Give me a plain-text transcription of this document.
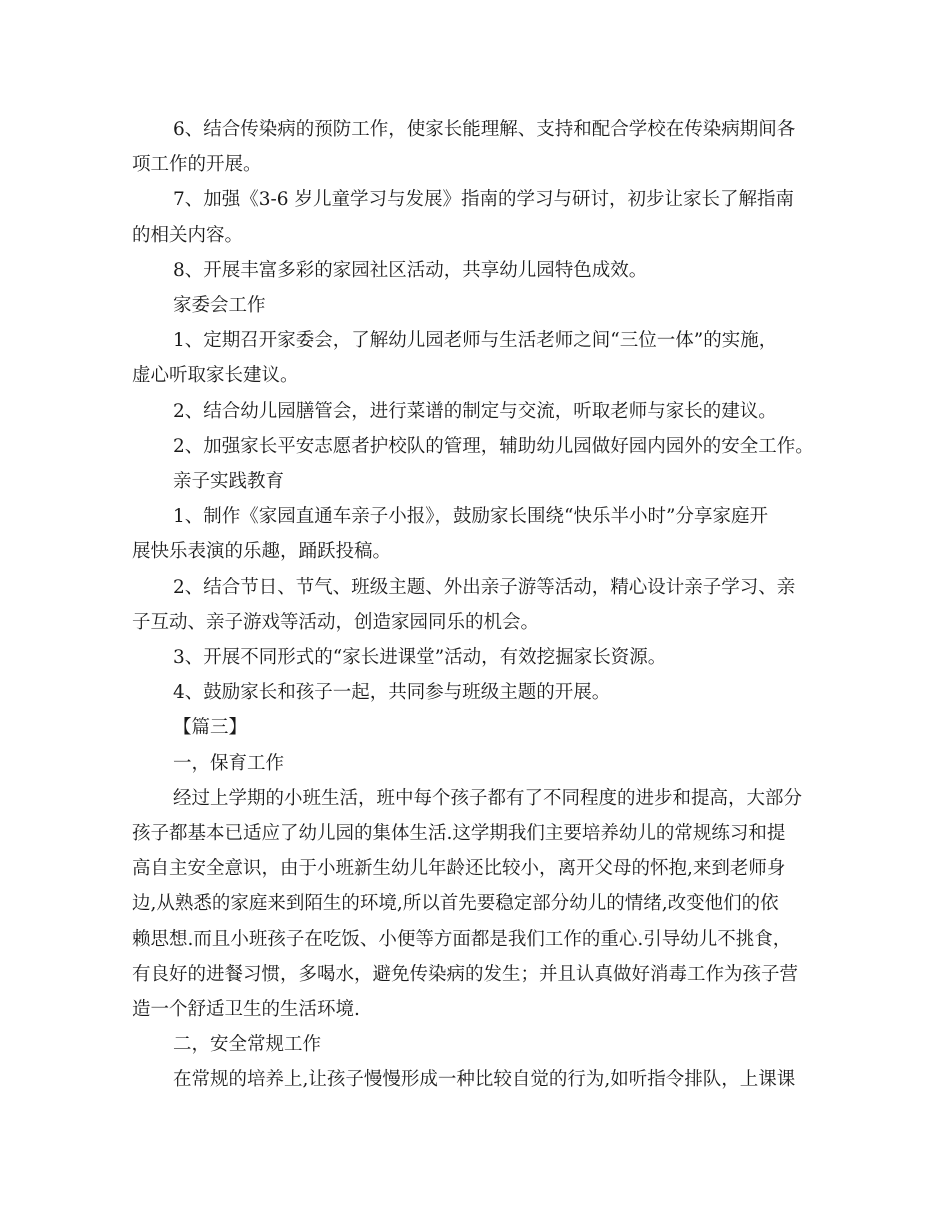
6、结合传染病的预防工作，使家长能理解、支持和配合学校在传染病期间各
项工作的开展。
7、加强《3-6 岁儿童学习与发展》指南的学习与研讨，初步让家长了解指南
的相关内容。
8、开展丰富多彩的家园社区活动，共享幼儿园特色成效。
家委会工作
1、定期召开家委会，了解幼儿园老师与生活老师之间“三位一体”的实施，
虚心听取家长建议。
2、结合幼儿园膳管会，进行菜谱的制定与交流，听取老师与家长的建议。
2、加强家长平安志愿者护校队的管理，辅助幼儿园做好园内园外的安全工作。
亲子实践教育
1、制作《家园直通车亲子小报》，鼓励家长围绕“快乐半小时”分享家庭开
展快乐表演的乐趣，踊跃投稿。
2、结合节日、节气、班级主题、外出亲子游等活动，精心设计亲子学习、亲
子互动、亲子游戏等活动，创造家园同乐的机会。
3、开展不同形式的“家长进课堂”活动，有效挖掘家长资源。
4、鼓励家长和孩子一起，共同参与班级主题的开展。
【篇三】
一，保育工作
经过上学期的小班生活，班中每个孩子都有了不同程度的进步和提高，大部分
孩子都基本已适应了幼儿园的集体生活.这学期我们主要培养幼儿的常规练习和提
高自主安全意识，由于小班新生幼儿年龄还比较小，离开父母的怀抱,来到老师身
边,从熟悉的家庭来到陌生的环境,所以首先要稳定部分幼儿的情绪,改变他们的依
赖思想.而且小班孩子在吃饭、小便等方面都是我们工作的重心.引导幼儿不挑食，
有良好的进餐习惯，多喝水，避免传染病的发生；并且认真做好消毒工作为孩子营
造一个舒适卫生的生活环境.
二，安全常规工作
在常规的培养上,让孩子慢慢形成一种比较自觉的行为,如听指令排队，上课课
